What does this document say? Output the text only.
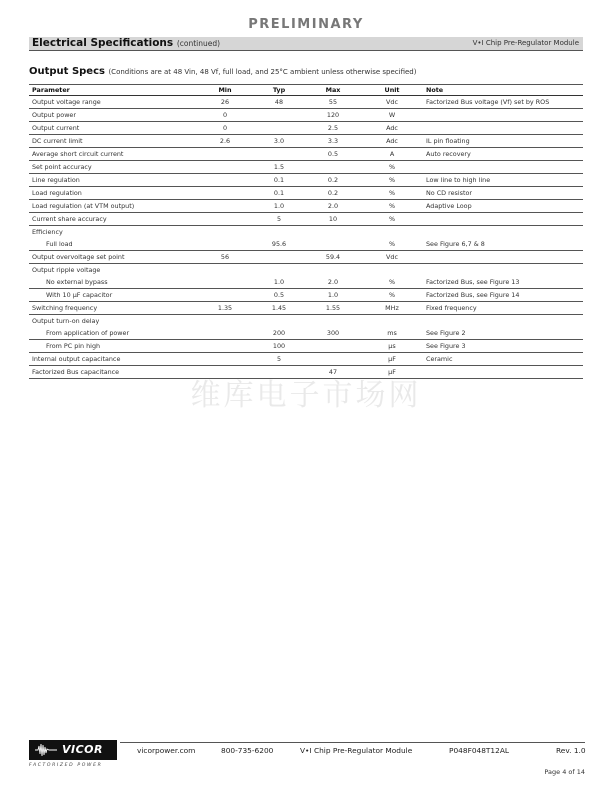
PRELIMINARY
Electrical Specifications (continued)	V•I Chip Pre-Regulator Module
Output Specs (Conditions are at 48 Vin, 48 Vf, full load, and 25°C ambient unless otherwise specified)
Parameter	Min	Typ	Max	Unit	Note
Output voltage range	26	48	55	Vdc	Factorized Bus voltage (Vf) set by ROS
Output power	0		120	W	
Output current	0		2.5	Adc	
DC current limit	2.6	3.0	3.3	Adc	IL pin floating
Average short circuit current			0.5	A	Auto recovery
Set point accuracy		1.5		%	
Line regulation		0.1	0.2	%	Low line to high line
Load regulation		0.1	0.2	%	No CD resistor
Load regulation (at VTM output)		1.0	2.0	%	Adaptive Loop
Current share accuracy		5	10	%	
Efficiency					
Full load		95.6		%	See Figure 6,7 & 8
Output overvoltage set point	56		59.4	Vdc	
Output ripple voltage					
No external bypass		1.0	2.0	%	Factorized Bus, see Figure 13
With 10 µF capacitor		0.5	1.0	%	Factorized Bus, see Figure 14
Switching frequency	1.35	1.45	1.55	MHz	Fixed frequency
Output turn-on delay					
From application of power		200	300	ms	See Figure 2
From PC pin high		100		µs	See Figure 3
Internal output capacitance		5		µF	Ceramic
Factorized Bus capacitance			47	µF	
维库电子市场网
VICOR
FACTORIZED POWER
vicorpower.com	800-735-6200	V•I Chip Pre-Regulator Module	P048F048T12AL	Rev. 1.0
Page 4 of 14
